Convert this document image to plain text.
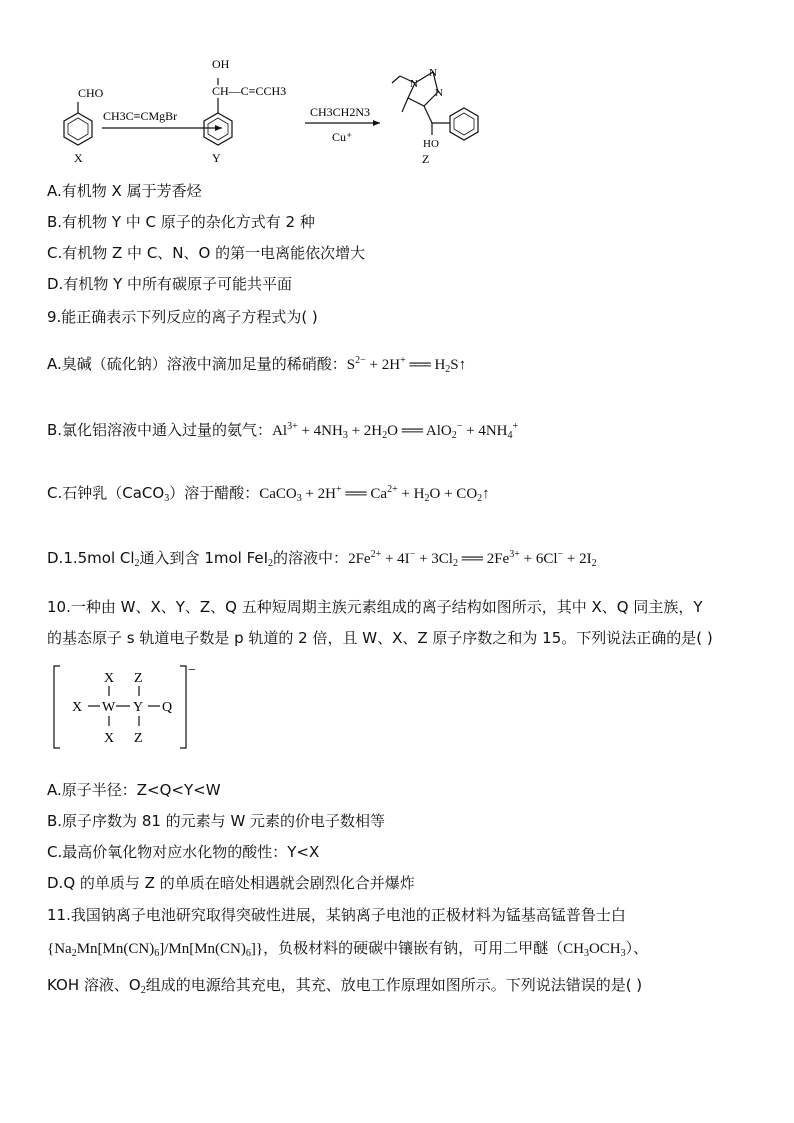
CHO
X
CH3C≡CMgBr
OH
CH—C≡CCH3
Y
CH3CH2N3
Cu⁺
N
N
N
HO
Z
A.有机物 X 属于芳香烃
B.有机物 Y 中 C 原子的杂化方式有 2 种
C.有机物 Z 中 C、N、O 的第一电离能依次增大
D.有机物 Y 中所有碳原子可能共平面
9.能正确表示下列反应的离子方程式为( )
A.臭碱（硫化钠）溶液中滴加足量的稀硝酸：$S^{2-} + 2H^+$ ══ $H_2S↑$
B.氯化铝溶液中通入过量的氨气：$Al^{3+} + 4NH_3 + 2H_2O$ ══ $AlO_2^- + 4NH_4^+$
C.石钟乳（CaCO$_3$）溶于醋酸：CaCO$_3$ + 2H+ ══ $Ca^{2+} + H_2O$ + $CO_2↑$
D.1.5mol $Cl_2$通入到含 1mol FeI$_2$的溶液中：$2Fe^{2+} + 4I^- + 3Cl_2$ ══ $2Fe^{3+} + 6Cl^- + 2I_2$
10.一种由 W、X、Y、Z、Q 五种短周期主族元素组成的离子结构如图所示，其中 X、Q 同主族，Y
的基态原子 s 轨道电子数是 p 轨道的 2 倍，且 W、X、Z 原子序数之和为 15。下列说法正确的是( )
X W Y Q
X Z
X Z
−
A.原子半径：Z<Q<Y<W
B.原子序数为 81 的元素与 W 元素的价电子数相等
C.最高价氧化物对应水化物的酸性：Y<X
D.Q 的单质与 Z 的单质在暗处相遇就会剧烈化合并爆炸
11.我国钠离子电池研究取得突破性进展，某钠离子电池的正极材料为锰基高锰普鲁士白
$\{Na_2Mn[Mn(CN)_6]/Mn[Mn(CN)_6]\}$，负极材料的硬碳中镶嵌有钠，可用二甲醚$(CH_3OCH_3)$、
KOH 溶液、$O_2$组成的电源给其充电，其充、放电工作原理如图所示。下列说法错误的是( )
